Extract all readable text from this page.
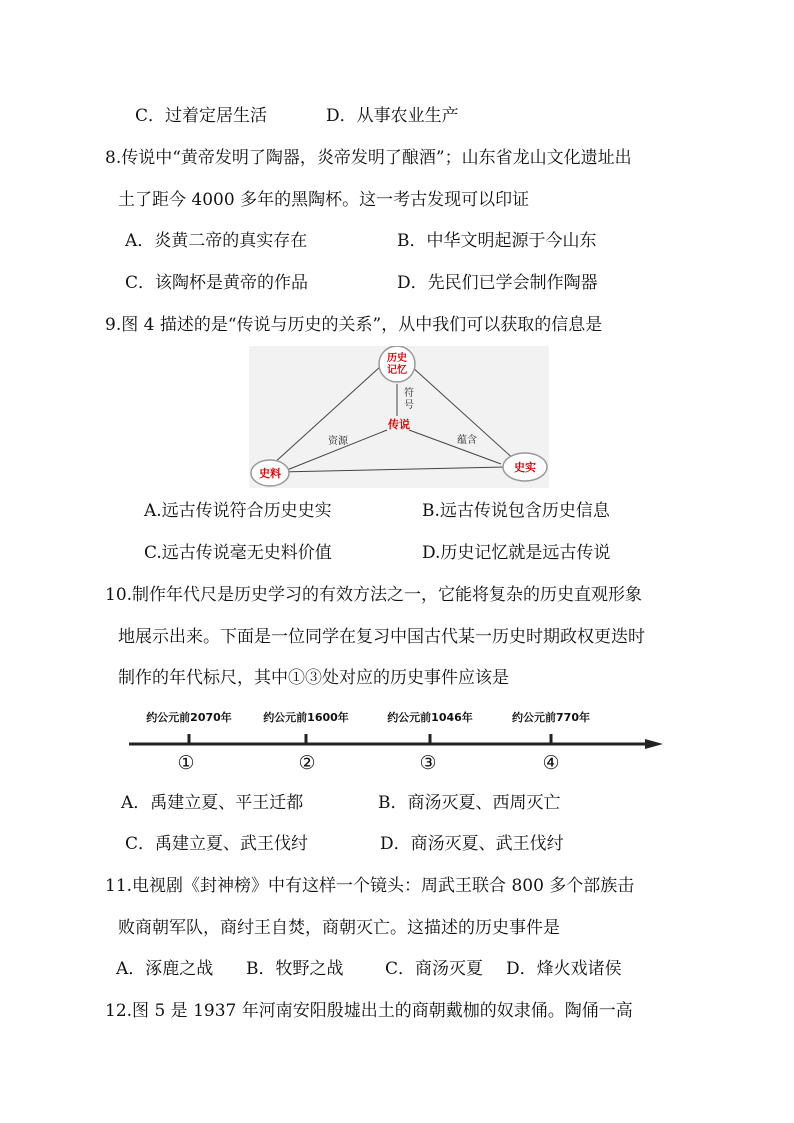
C．过着定居生活	D．从事农业生产
8.传说中“黄帝发明了陶器，炎帝发明了酿酒”；山东省龙山文化遗址出
土了距今 4000 多年的黑陶杯。这一考古发现可以印证
A．炎黄二帝的真实存在	B．中华文明起源于今山东
C．该陶杯是黄帝的作品	D．先民们已学会制作陶器
9.图 4 描述的是“传说与历史的关系”，从中我们可以获取的信息是
历史
记忆
史料	史实
传说
符
号
资源	蕴含
A.远古传说符合历史史实	B.远古传说包含历史信息
C.远古传说毫无史料价值	D.历史记忆就是远古传说
10.制作年代尺是历史学习的有效方法之一，它能将复杂的历史直观形象
地展示出来。下面是一位同学在复习中国古代某一历史时期政权更迭时
制作的年代标尺，其中①③处对应的历史事件应该是
约公元前2070年	约公元前1600年	约公元前1046年	约公元前770年
①	②	③	④
A．禹建立夏、平王迁都	B．商汤灭夏、西周灭亡
C．禹建立夏、武王伐纣	D．商汤灭夏、武王伐纣
11.电视剧《封神榜》中有这样一个镜头：周武王联合 800 多个部族击
败商朝军队，商纣王自焚，商朝灭亡。这描述的历史事件是
A．涿鹿之战 B．牧野之战 C．商汤灭夏 D．烽火戏诸侯
12.图 5 是 1937 年河南安阳殷墟出土的商朝戴枷的奴隶俑。陶俑一高
